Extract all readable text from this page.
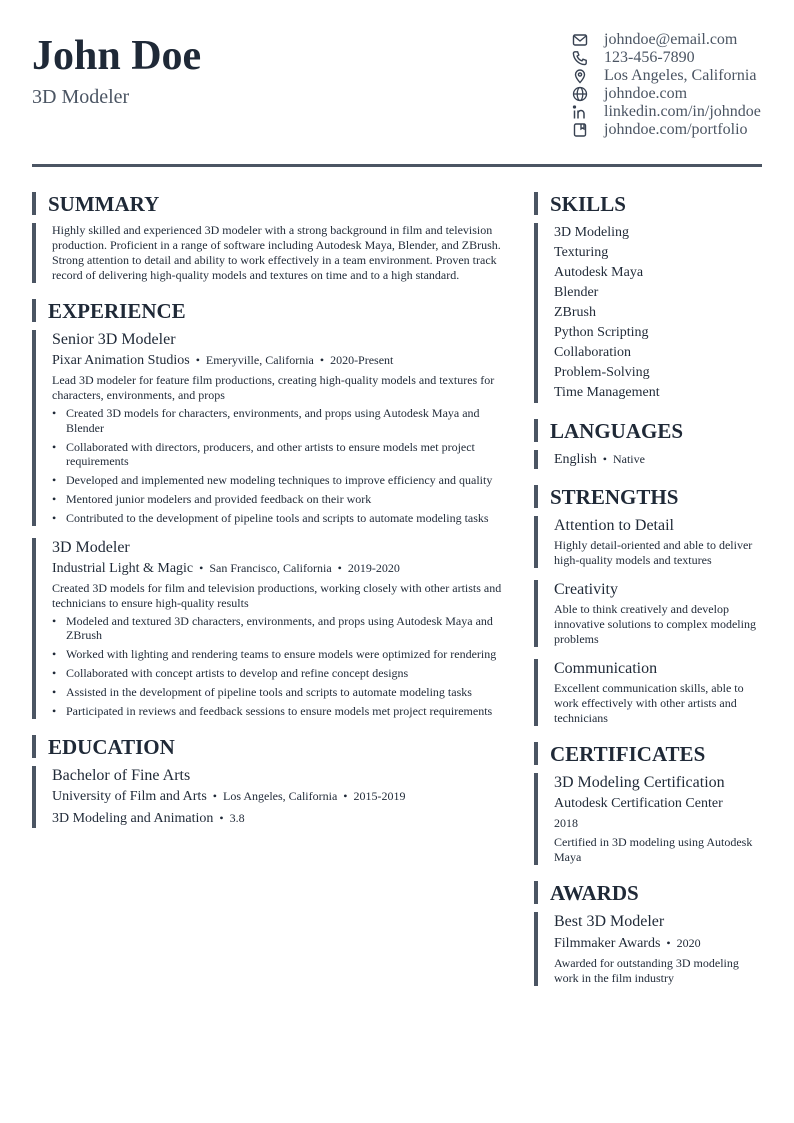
John Doe
3D Modeler
johndoe@email.com
123-456-7890
Los Angeles, California
johndoe.com
linkedin.com/in/johndoe
johndoe.com/portfolio
SUMMARY
Highly skilled and experienced 3D modeler with a strong background in film and television production. Proficient in a range of software including Autodesk Maya, Blender, and ZBrush. Strong attention to detail and ability to work effectively in a team environment. Proven track record of delivering high-quality models and textures on time and to a high standard.
EXPERIENCE
Senior 3D Modeler
Pixar Animation Studios • Emeryville, California • 2020-Present
Lead 3D modeler for feature film productions, creating high-quality models and textures for characters, environments, and props
• Created 3D models for characters, environments, and props using Autodesk Maya and Blender
• Collaborated with directors, producers, and other artists to ensure models met project requirements
• Developed and implemented new modeling techniques to improve efficiency and quality
• Mentored junior modelers and provided feedback on their work
• Contributed to the development of pipeline tools and scripts to automate modeling tasks
3D Modeler
Industrial Light & Magic • San Francisco, California • 2019-2020
Created 3D models for film and television productions, working closely with other artists and technicians to ensure high-quality results
• Modeled and textured 3D characters, environments, and props using Autodesk Maya and ZBrush
• Worked with lighting and rendering teams to ensure models were optimized for rendering
• Collaborated with concept artists to develop and refine concept designs
• Assisted in the development of pipeline tools and scripts to automate modeling tasks
• Participated in reviews and feedback sessions to ensure models met project requirements
EDUCATION
Bachelor of Fine Arts
University of Film and Arts • Los Angeles, California • 2015-2019
3D Modeling and Animation • 3.8
SKILLS
3D Modeling
Texturing
Autodesk Maya
Blender
ZBrush
Python Scripting
Collaboration
Problem-Solving
Time Management
LANGUAGES
English • Native
STRENGTHS
Attention to Detail
Highly detail-oriented and able to deliver high-quality models and textures
Creativity
Able to think creatively and develop innovative solutions to complex modeling problems
Communication
Excellent communication skills, able to work effectively with other artists and technicians
CERTIFICATES
3D Modeling Certification
Autodesk Certification Center
2018
Certified in 3D modeling using Autodesk Maya
AWARDS
Best 3D Modeler
Filmmaker Awards • 2020
Awarded for outstanding 3D modeling work in the film industry
